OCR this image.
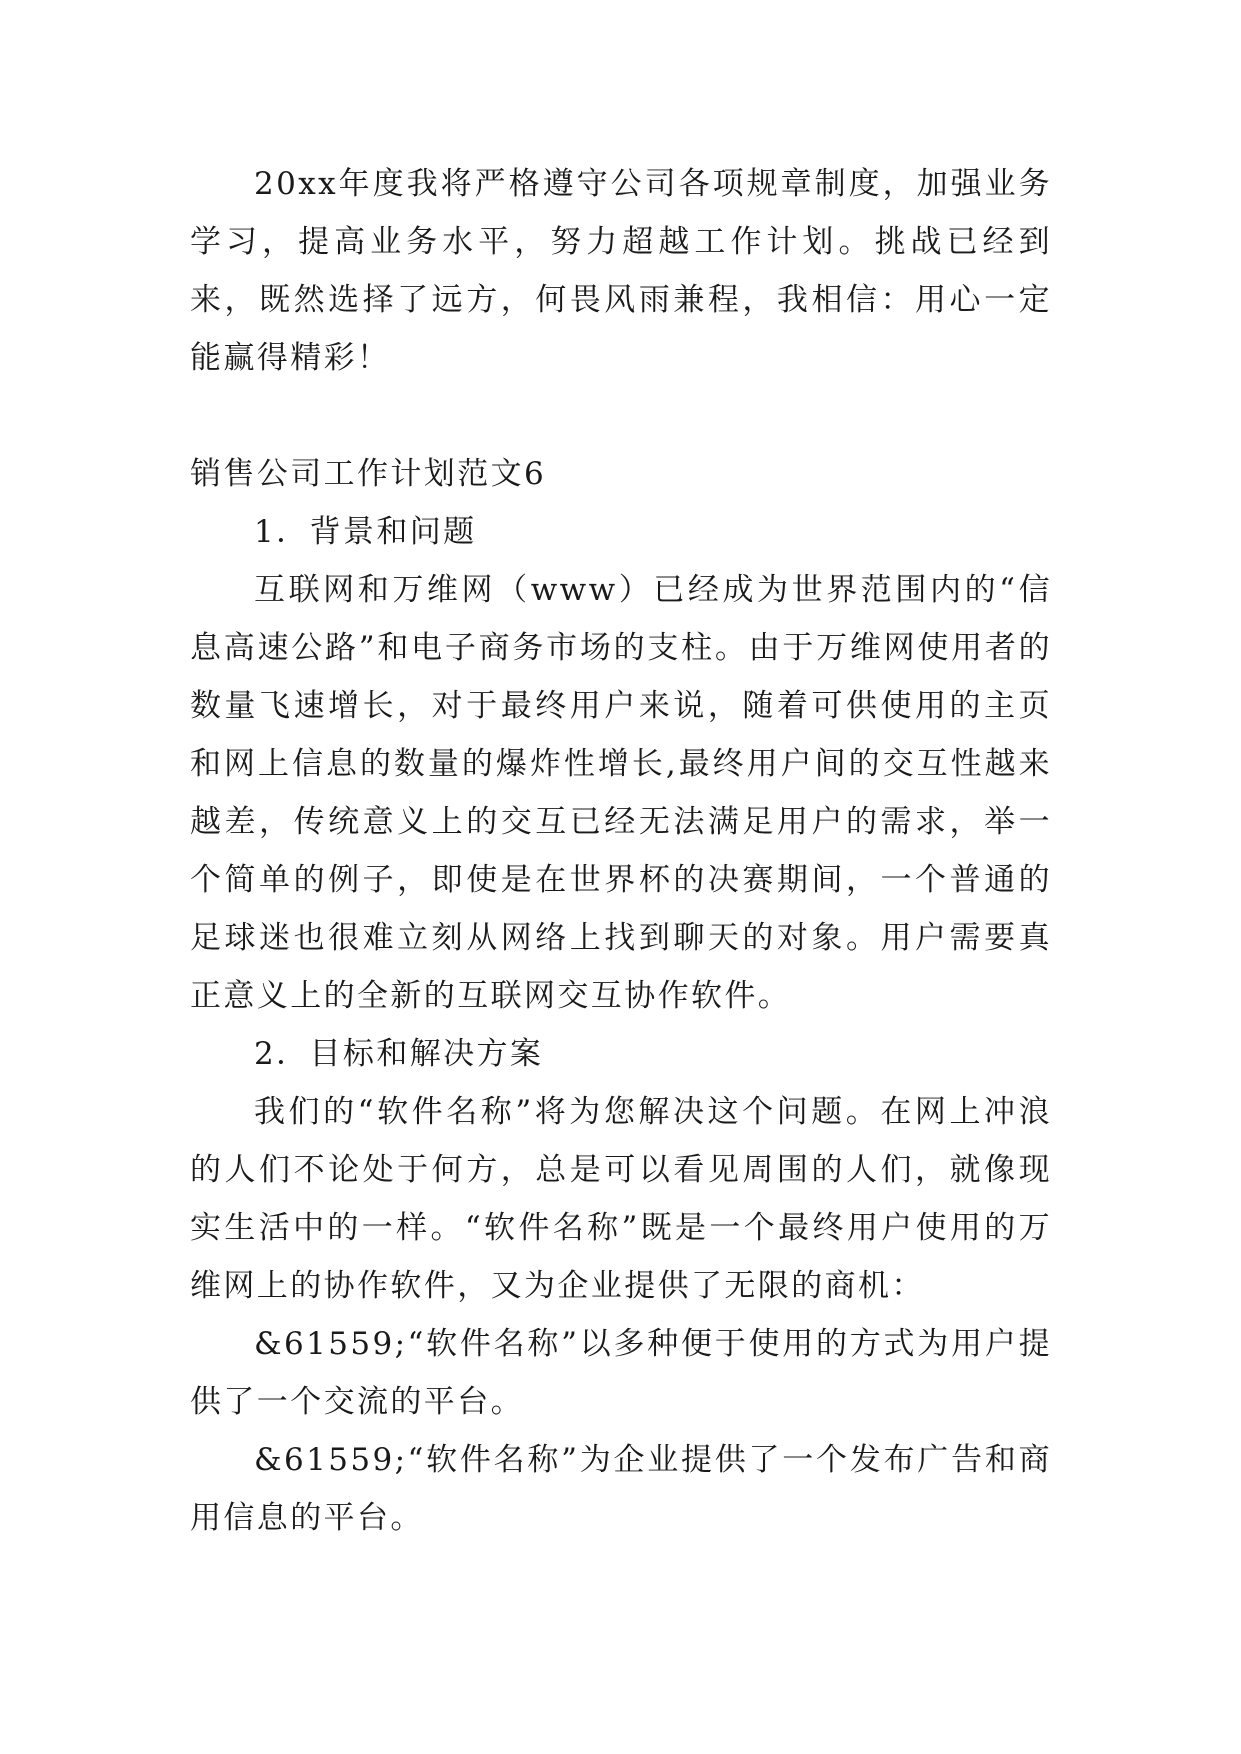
20xx年度我将严格遵守公司各项规章制度，加强业务学习，提高业务水平，努力超越工作计划。挑战已经到来，既然选择了远方，何畏风雨兼程，我相信：用心一定能赢得精彩！

销售公司工作计划范文6

1．背景和问题

互联网和万维网（www）已经成为世界范围内的“信息高速公路”和电子商务市场的支柱。由于万维网使用者的数量飞速增长，对于最终用户来说，随着可供使用的主页和网上信息的数量的爆炸性增长,最终用户间的交互性越来越差，传统意义上的交互已经无法满足用户的需求，举一个简单的例子，即使是在世界杯的决赛期间，一个普通的足球迷也很难立刻从网络上找到聊天的对象。用户需要真正意义上的全新的互联网交互协作软件。

2．目标和解决方案

我们的“软件名称”将为您解决这个问题。在网上冲浪的人们不论处于何方，总是可以看见周围的人们，就像现实生活中的一样。“软件名称”既是一个最终用户使用的万维网上的协作软件，又为企业提供了无限的商机：

&61559;“软件名称”以多种便于使用的方式为用户提供了一个交流的平台。

&61559;“软件名称”为企业提供了一个发布广告和商用信息的平台。
